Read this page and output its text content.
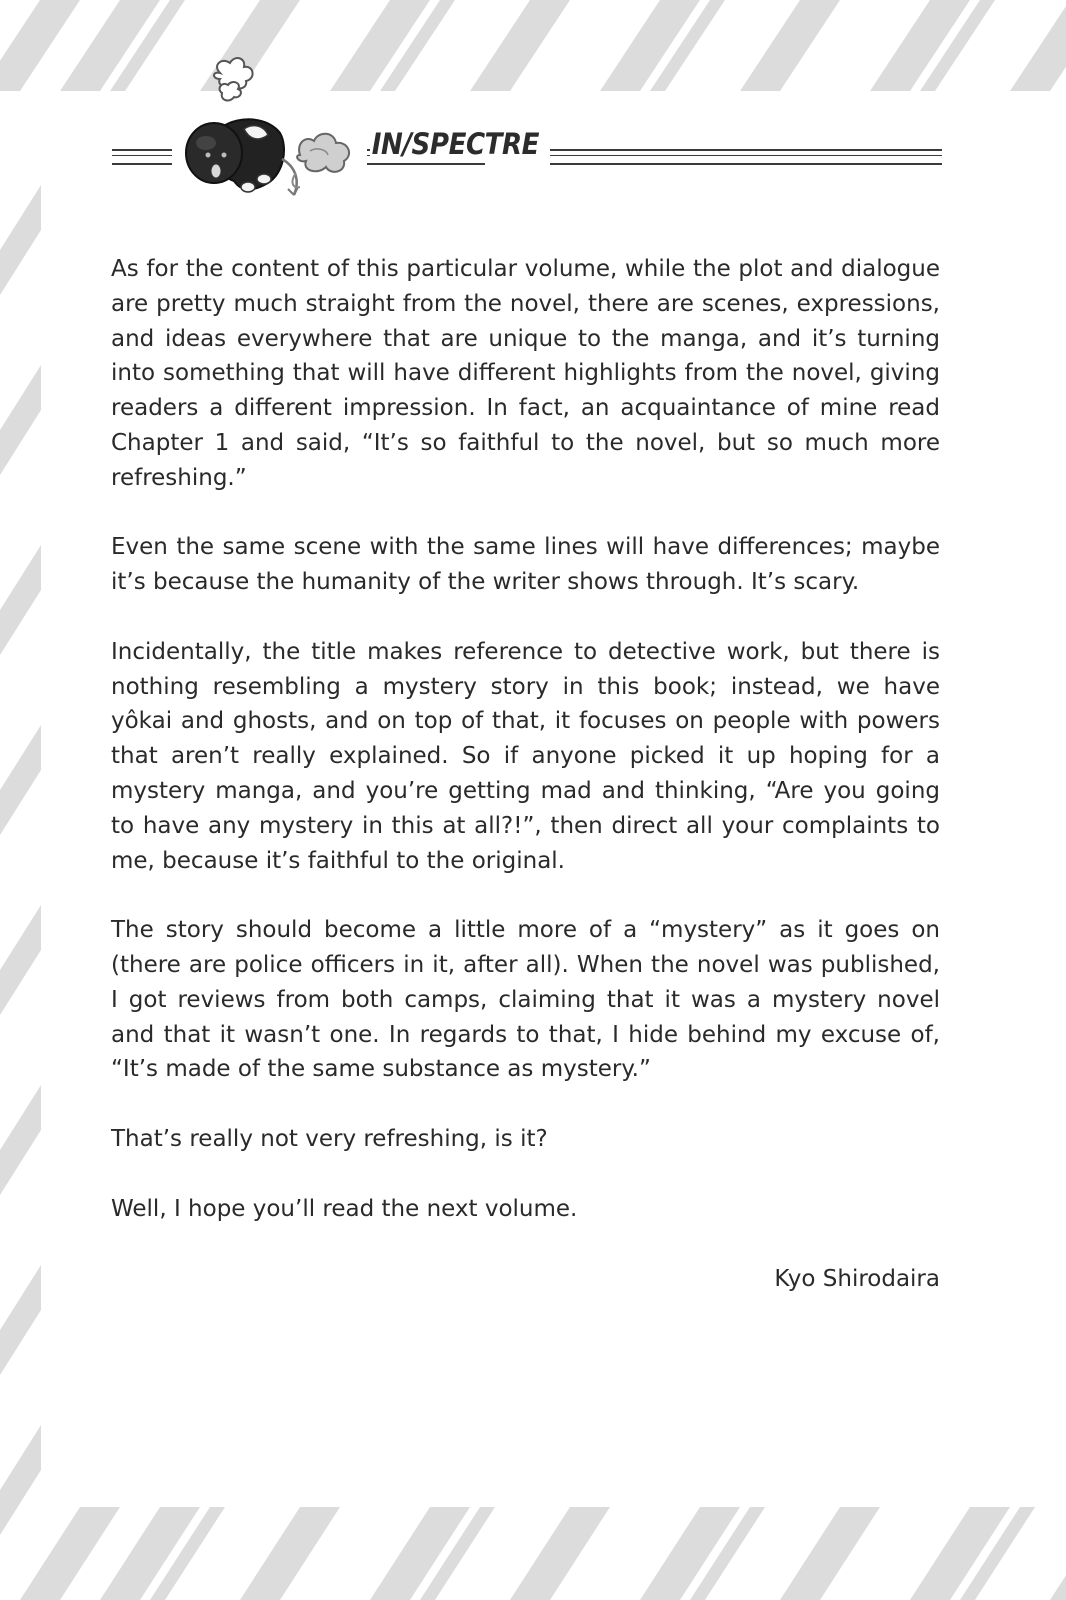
IN/SPECTRE

As for the content of this particular volume, while the plot and dialogue are pretty much straight from the novel, there are scenes, expressions, and ideas everywhere that are unique to the manga, and it’s turning into something that will have different highlights from the novel, giving readers a different impression. In fact, an acquaintance of mine read Chapter 1 and said, “It’s so faithful to the novel, but so much more refreshing.”

Even the same scene with the same lines will have differences; maybe it’s because the humanity of the writer shows through. It’s scary.

Incidentally, the title makes reference to detective work, but there is nothing resembling a mystery story in this book; instead, we have yôkai and ghosts, and on top of that, it focuses on people with powers that aren’t really explained. So if anyone picked it up hoping for a mystery manga, and you’re getting mad and thinking, “Are you going to have any mystery in this at all?!”, then direct all your complaints to me, because it’s faithful to the original.

The story should become a little more of a “mystery” as it goes on (there are police officers in it, after all). When the novel was published, I got reviews from both camps, claiming that it was a mystery novel and that it wasn’t one. In regards to that, I hide behind my excuse of, “It’s made of the same substance as mystery.”

That’s really not very refreshing, is it?

Well, I hope you’ll read the next volume.

Kyo Shirodaira
